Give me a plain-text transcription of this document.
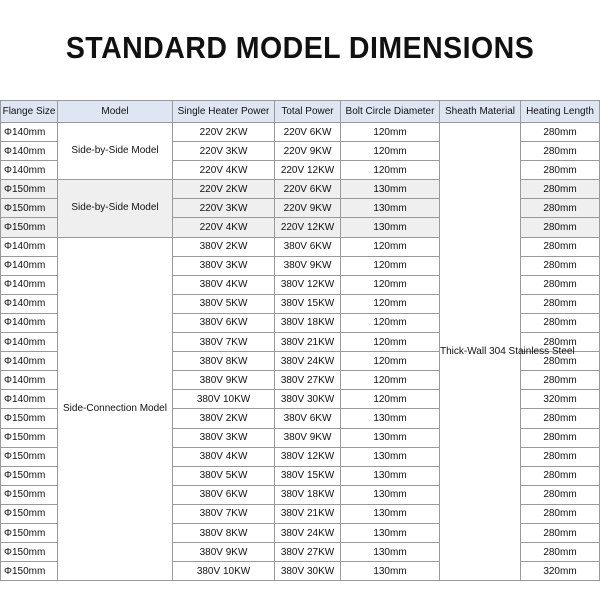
STANDARD MODEL DIMENSIONS
Flange Size	Model	Single Heater Power	Total Power	Bolt Circle Diameter	Sheath Material	Heating Length
Φ140mm	Side-by-Side Model	220V 2KW	220V 6KW	120mm	Thick-Wall 304 Stainless Steel	280mm
Φ140mm		220V 3KW	220V 9KW	120mm		280mm
Φ140mm		220V 4KW	220V 12KW	120mm		280mm
Φ150mm	Side-by-Side Model	220V 2KW	220V 6KW	130mm		280mm
Φ150mm		220V 3KW	220V 9KW	130mm		280mm
Φ150mm		220V 4KW	220V 12KW	130mm		280mm
Φ140mm	Side-Connection Model	380V 2KW	380V 6KW	120mm		280mm
Φ140mm		380V 3KW	380V 9KW	120mm		280mm
Φ140mm		380V 4KW	380V 12KW	120mm		280mm
Φ140mm		380V 5KW	380V 15KW	120mm		280mm
Φ140mm		380V 6KW	380V 18KW	120mm		280mm
Φ140mm		380V 7KW	380V 21KW	120mm		280mm
Φ140mm		380V 8KW	380V 24KW	120mm		280mm
Φ140mm		380V 9KW	380V 27KW	120mm		280mm
Φ140mm		380V 10KW	380V 30KW	120mm		320mm
Φ150mm		380V 2KW	380V 6KW	130mm		280mm
Φ150mm		380V 3KW	380V 9KW	130mm		280mm
Φ150mm		380V 4KW	380V 12KW	130mm		280mm
Φ150mm		380V 5KW	380V 15KW	130mm		280mm
Φ150mm		380V 6KW	380V 18KW	130mm		280mm
Φ150mm		380V 7KW	380V 21KW	130mm		280mm
Φ150mm		380V 8KW	380V 24KW	130mm		280mm
Φ150mm		380V 9KW	380V 27KW	130mm		280mm
Φ150mm		380V 10KW	380V 30KW	130mm		320mm
